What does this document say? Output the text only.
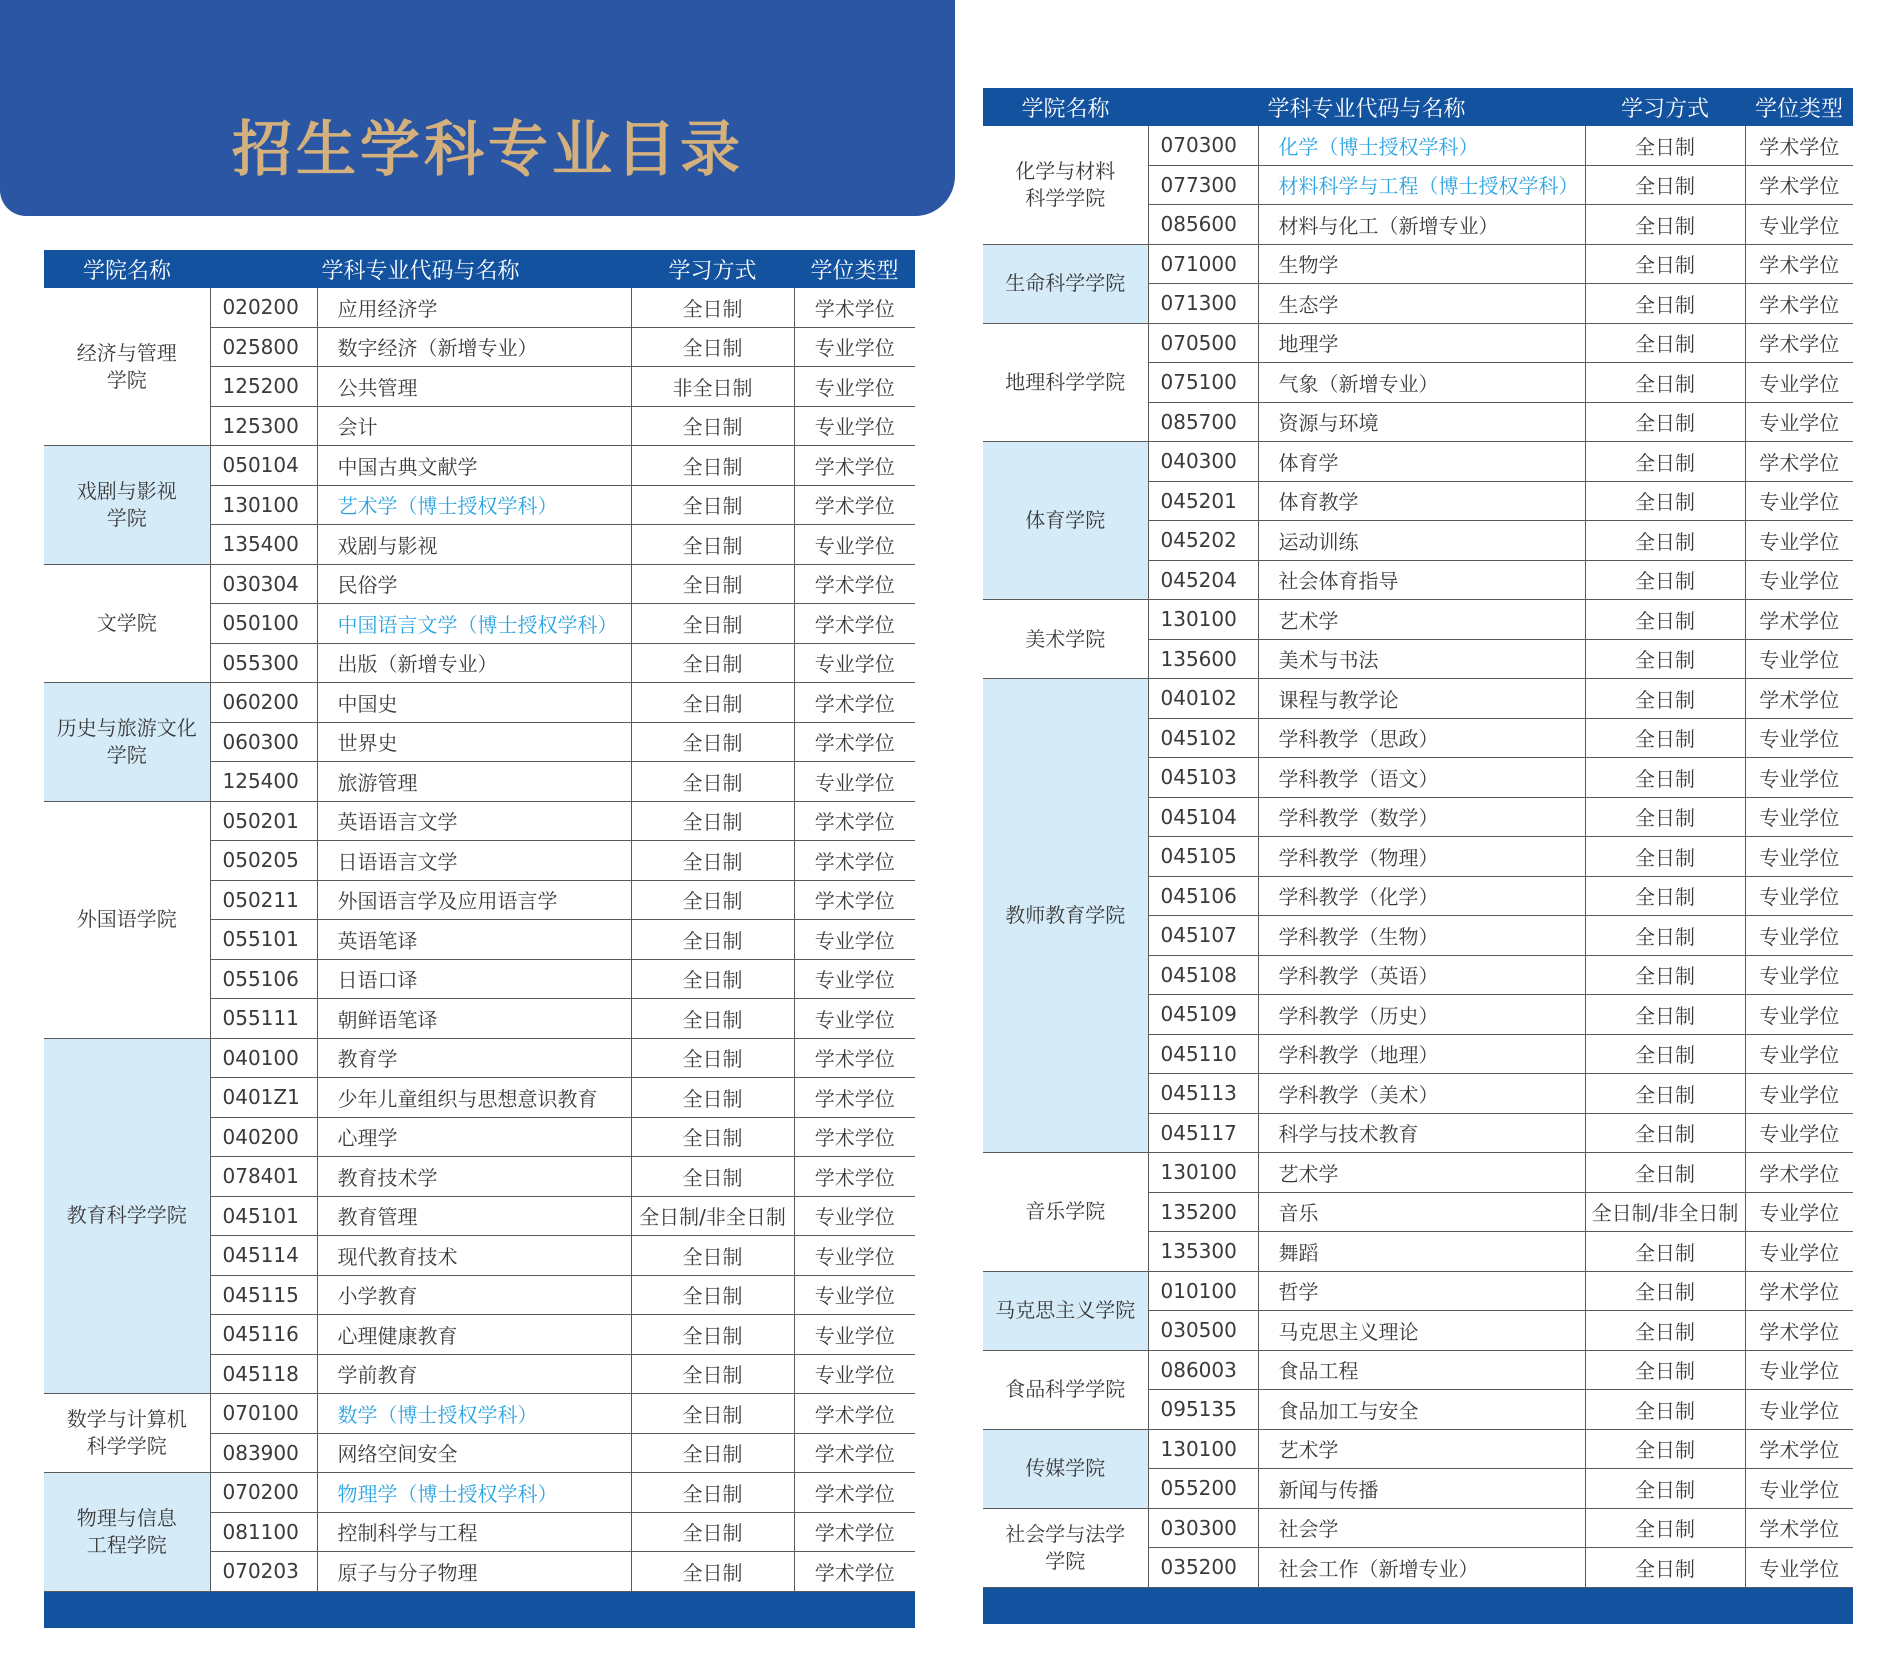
招生学科专业目录
学院名称	学科专业代码与名称		学习方式	学位类型

经济与管理
学院	020200	应用经济学	全日制	学术学位
	025800	数字经济（新增专业）	全日制	专业学位
	125200	公共管理	非全日制	专业学位
	125300	会计	全日制	专业学位

戏剧与影视
学院	050104	中国古典文献学	全日制	学术学位
	130100	艺术学（博士授权学科）	全日制	学术学位
	135400	戏剧与影视	全日制	专业学位

文学院	030304	民俗学	全日制	学术学位
	050100	中国语言文学（博士授权学科）	全日制	学术学位
	055300	出版（新增专业）	全日制	专业学位

历史与旅游文化
学院	060200	中国史	全日制	学术学位
	060300	世界史	全日制	学术学位
	125400	旅游管理	全日制	专业学位

外国语学院	050201	英语语言文学	全日制	学术学位
	050205	日语语言文学	全日制	学术学位
	050211	外国语言学及应用语言学	全日制	学术学位
	055101	英语笔译	全日制	专业学位
	055106	日语口译	全日制	专业学位
	055111	朝鲜语笔译	全日制	专业学位

教育科学学院	040100	教育学	全日制	学术学位
	0401Z1	少年儿童组织与思想意识教育	全日制	学术学位
	040200	心理学	全日制	学术学位
	078401	教育技术学	全日制	学术学位
	045101	教育管理	全日制/非全日制	专业学位
	045114	现代教育技术	全日制	专业学位
	045115	小学教育	全日制	专业学位
	045116	心理健康教育	全日制	专业学位
	045118	学前教育	全日制	专业学位

数学与计算机
科学学院	070100	数学（博士授权学科）	全日制	学术学位
	083900	网络空间安全	全日制	学术学位

物理与信息
工程学院	070200	物理学（博士授权学科）	全日制	学术学位
	081100	控制科学与工程	全日制	学术学位
	070203	原子与分子物理	全日制	学术学位
学院名称	学科专业代码与名称		学习方式	学位类型

化学与材料
科学学院	070300	化学（博士授权学科）	全日制	学术学位
	077300	材料科学与工程（博士授权学科）	全日制	学术学位
	085600	材料与化工（新增专业）	全日制	专业学位

生命科学学院	071000	生物学	全日制	学术学位
	071300	生态学	全日制	学术学位

地理科学学院	070500	地理学	全日制	学术学位
	075100	气象（新增专业）	全日制	专业学位
	085700	资源与环境	全日制	专业学位

体育学院	040300	体育学	全日制	学术学位
	045201	体育教学	全日制	专业学位
	045202	运动训练	全日制	专业学位
	045204	社会体育指导	全日制	专业学位

美术学院	130100	艺术学	全日制	学术学位
	135600	美术与书法	全日制	专业学位

教师教育学院	040102	课程与教学论	全日制	学术学位
	045102	学科教学（思政）	全日制	专业学位
	045103	学科教学（语文）	全日制	专业学位
	045104	学科教学（数学）	全日制	专业学位
	045105	学科教学（物理）	全日制	专业学位
	045106	学科教学（化学）	全日制	专业学位
	045107	学科教学（生物）	全日制	专业学位
	045108	学科教学（英语）	全日制	专业学位
	045109	学科教学（历史）	全日制	专业学位
	045110	学科教学（地理）	全日制	专业学位
	045113	学科教学（美术）	全日制	专业学位
	045117	科学与技术教育	全日制	专业学位

音乐学院	130100	艺术学	全日制	学术学位
	135200	音乐	全日制/非全日制	专业学位
	135300	舞蹈	全日制	专业学位

马克思主义学院	010100	哲学	全日制	学术学位
	030500	马克思主义理论	全日制	学术学位

食品科学学院	086003	食品工程	全日制	专业学位
	095135	食品加工与安全	全日制	专业学位

传媒学院	130100	艺术学	全日制	学术学位
	055200	新闻与传播	全日制	专业学位

社会学与法学
学院	030300	社会学	全日制	学术学位
	035200	社会工作（新增专业）	全日制	专业学位
